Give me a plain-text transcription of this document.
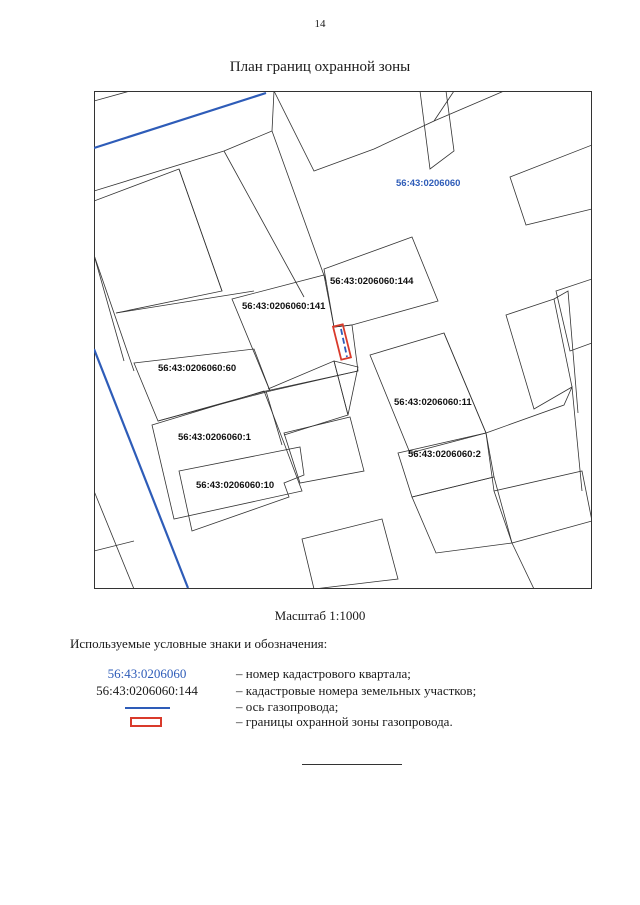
14
План границ охранной зоны
56:43:0206060
56:43:0206060:144
56:43:0206060:141
56:43:0206060:60
56:43:0206060:11
56:43:0206060:1
56:43:0206060:2
56:43:0206060:10
Масштаб 1:1000
Используемые условные знаки и обозначения:
56:43:0206060	– номер кадастрового квартала;
56:43:0206060:144	– кадастровые номера земельных участков;
– ось газопровода;
– границы охранной зоны газопровода.
